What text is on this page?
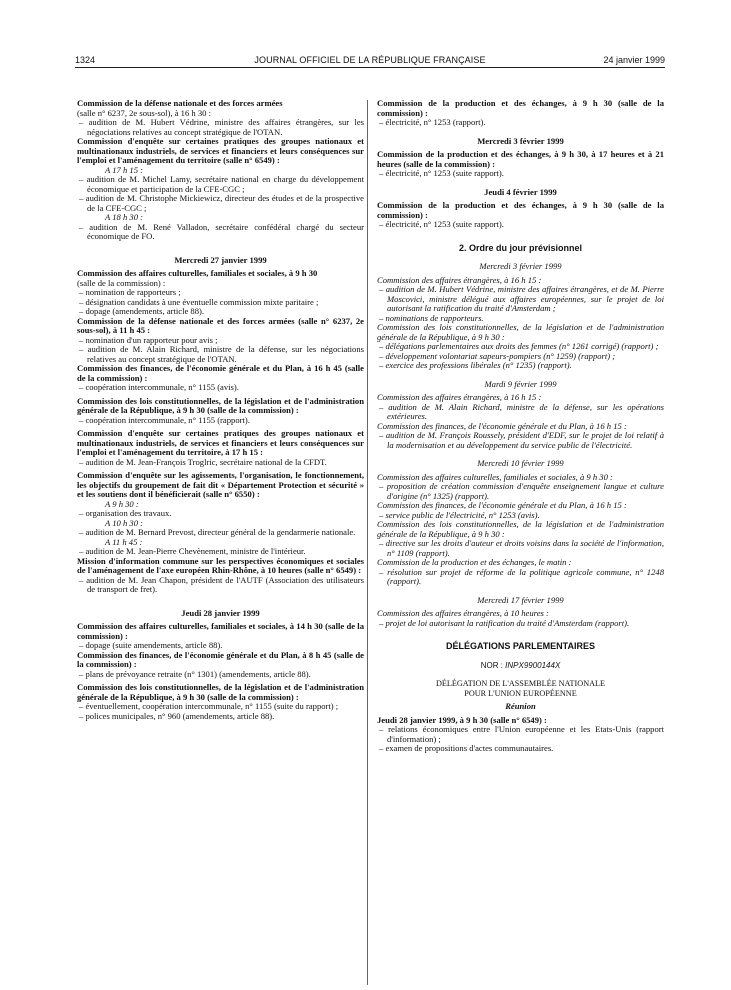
1324	JOURNAL OFFICIEL DE LA RÉPUBLIQUE FRANÇAISE	24 janvier 1999
Commission de la défense nationale et des forces armées
(salle n° 6237, 2e sous-sol), à 16 h 30 :
– audition de M. Hubert Védrine, ministre des affaires étrangères, sur les négociations relatives au concept stratégique de l'OTAN.
Commission d'enquête sur certaines pratiques des groupes nationaux et multinationaux industriels, de services et financiers et leurs conséquences sur l'emploi et l'aménagement du territoire (salle n° 6549) :
A 17 h 15 :
– audition de M. Michel Lamy, secrétaire national en charge du développement économique et participation de la CFE-CGC ;
– audition de M. Christophe Mickiewicz, directeur des études et de la prospective de la CFE-CGC ;
A 18 h 30 :
– audition de M. René Valladon, secrétaire confédéral chargé du secteur économique de FO.
Mercredi 27 janvier 1999
Commission des affaires culturelles, familiales et sociales, à 9 h 30
(salle de la commission) :
– nomination de rapporteurs ;
– désignation candidats à une éventuelle commission mixte paritaire ;
– dopage (amendements, article 88).
Commission de la défense nationale et des forces armées (salle n° 6237, 2e sous-sol), à 11 h 45 :
– nomination d'un rapporteur pour avis ;
– audition de M. Alain Richard, ministre de la défense, sur les négociations relatives au concept stratégique de l'OTAN.
Commission des finances, de l'économie générale et du Plan, à 16 h 45 (salle de la commission) :
– coopération intercommunale, n° 1155 (avis).
Commission des lois constitutionnelles, de la législation et de l'administration générale de la République, à 9 h 30 (salle de la commission) :
– coopération intercommunale, n° 1155 (rapport).
Commission d'enquête sur certaines pratiques des groupes nationaux et multinationaux industriels, de services et financiers et leurs conséquences sur l'emploi et l'aménagement du territoire, à 17 h 15 :
– audition de M. Jean-François Troglric, secrétaire national de la CFDT.
Commission d'enquête sur les agissements, l'organisation, le fonctionnement, les objectifs du groupement de fait dit « Département Protection et sécurité » et les soutiens dont il bénéficierait (salle n° 6550) :
A 9 h 30 :
– organisation des travaux.
A 10 h 30 :
– audition de M. Bernard Prevost, directeur général de la gendarmerie nationale.
A 11 h 45 :
– audition de M. Jean-Pierre Chevènement, ministre de l'intérieur.
Mission d'information commune sur les perspectives économiques et sociales de l'aménagement de l'axe européen Rhin-Rhône, à 10 heures (salle n° 6549) :
– audition de M. Jean Chapon, président de l'AUTF (Association des utilisateurs de transport de fret).
Jeudi 28 janvier 1999
Commission des affaires culturelles, familiales et sociales, à 14 h 30 (salle de la commission) :
– dopage (suite amendements, article 88).
Commission des finances, de l'économie générale et du Plan, à 8 h 45 (salle de la commission) :
– plans de prévoyance retraite (n° 1301) (amendements, article 88).
Commission des lois constitutionnelles, de la législation et de l'administration générale de la République, à 9 h 30 (salle de la commission) :
– éventuellement, coopération intercommunale, n° 1155 (suite du rapport) ;
– polices municipales, n° 960 (amendements, article 88).
Commission de la production et des échanges, à 9 h 30 (salle de la commission) :
– électricité, n° 1253 (rapport).
Mercredi 3 février 1999
Commission de la production et des échanges, à 9 h 30, à 17 heures et à 21 heures (salle de la commission) :
– électricité, n° 1253 (suite rapport).
Jeudi 4 février 1999
Commission de la production et des échanges, à 9 h 30 (salle de la commission) :
– électricité, n° 1253 (suite rapport).
2. Ordre du jour prévisionnel
Mercredi 3 février 1999
Commission des affaires étrangères, à 16 h 15 :
– audition de M. Hubert Védrine, ministre des affaires étrangères, et de M. Pierre Moscovici, ministre délégué aux affaires européennes, sur le projet de loi autorisant la ratification du traité d'Amsterdam ;
– nominations de rapporteurs.
Commission des lois constitutionnelles, de la législation et de l'administration générale de la République, à 9 h 30 :
– délégations parlementaires aux droits des femmes (n° 1261 corrigé) (rapport) ;
– développement volontariat sapeurs-pompiers (n° 1259) (rapport) ;
– exercice des professions libérales (n° 1235) (rapport).
Mardi 9 février 1999
Commission des affaires étrangères, à 16 h 15 :
– audition de M. Alain Richard, ministre de la défense, sur les opérations extérieures.
Commission des finances, de l'économie générale et du Plan, à 16 h 15 :
– audition de M. François Roussely, président d'EDF, sur le projet de loi relatif à la modernisation et au développement du service public de l'électricité.
Mercredi 10 février 1999
Commission des affaires culturelles, familiales et sociales, à 9 h 30 :
– proposition de création commission d'enquête enseignement langue et culture d'origine (n° 1325) (rapport).
Commission des finances, de l'économie générale et du Plan, à 16 h 15 :
– service public de l'électricité, n° 1253 (avis).
Commission des lois constitutionnelles, de la législation et de l'administration générale de la République, à 9 h 30 :
– directive sur les droits d'auteur et droits voisins dans la société de l'information, n° 1109 (rapport).
Commission de la production et des échanges, le matin :
– résolution sur projet de réforme de la politique agricole commune, n° 1248 (rapport).
Mercredi 17 février 1999
Commission des affaires étrangères, à 10 heures :
– projet de loi autorisant la ratification du traité d'Amsterdam (rapport).
DÉLÉGATIONS PARLEMENTAIRES
NOR : INPX9900144X
DÉLÉGATION DE L'ASSEMBLÉE NATIONALE
POUR L'UNION EUROPÉENNE
Réunion
Jeudi 28 janvier 1999, à 9 h 30 (salle n° 6549) :
– relations économiques entre l'Union européenne et les Etats-Unis (rapport d'information) ;
– examen de propositions d'actes communautaires.
